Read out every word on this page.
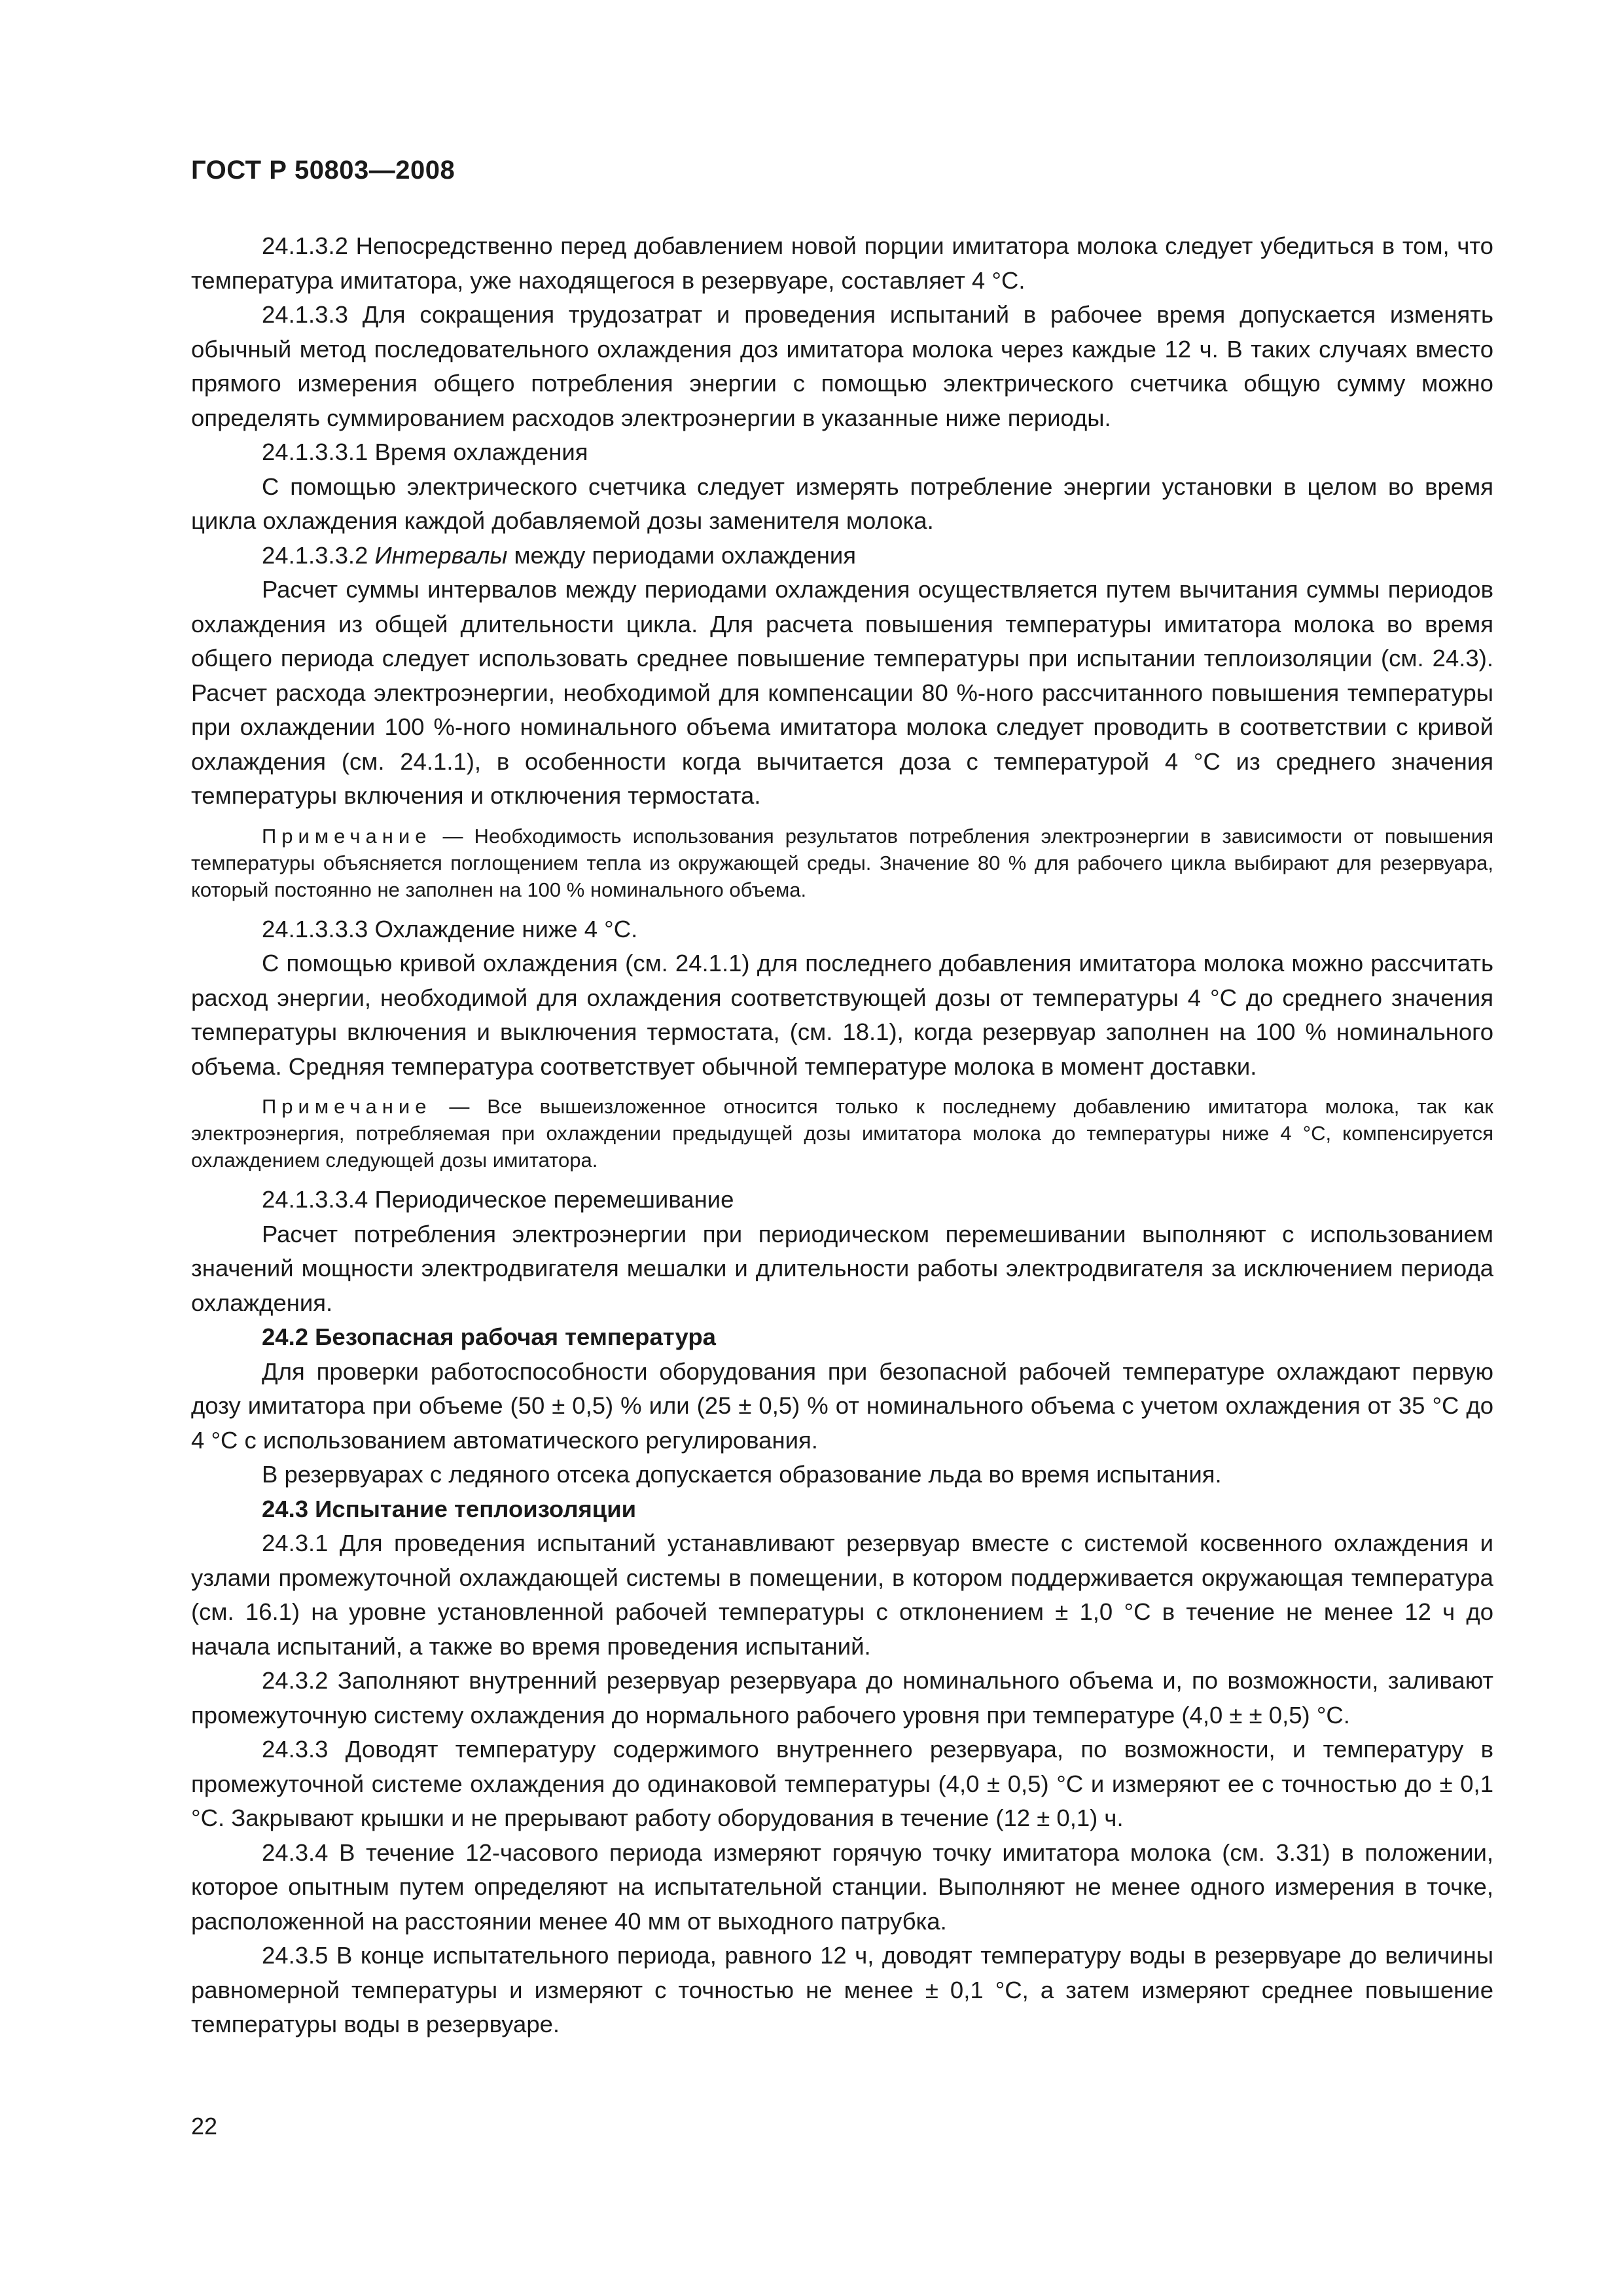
ГОСТ Р 50803—2008

24.1.3.2 Непосредственно перед добавлением новой порции имитатора молока следует убедиться в том, что температура имитатора, уже находящегося в резервуаре, составляет 4 °С.

24.1.3.3 Для сокращения трудозатрат и проведения испытаний в рабочее время допускается изменять обычный метод последовательного охлаждения доз имитатора молока через каждые 12 ч. В таких случаях вместо прямого измерения общего потребления энергии с помощью электрического счетчика общую сумму можно определять суммированием расходов электроэнергии в указанные ниже периоды.

24.1.3.3.1 Время охлаждения

С помощью электрического счетчика следует измерять потребление энергии установки в целом во время цикла охлаждения каждой добавляемой дозы заменителя молока.

24.1.3.3.2 Интервалы между периодами охлаждения

Расчет суммы интервалов между периодами охлаждения осуществляется путем вычитания суммы периодов охлаждения из общей длительности цикла. Для расчета повышения температуры имитатора молока во время общего периода следует использовать среднее повышение температуры при испытании теплоизоляции (см. 24.3). Расчет расхода электроэнергии, необходимой для компенсации 80 %-ного рассчитанного повышения температуры при охлаждении 100 %-ного номинального объема имитатора молока следует проводить в соответствии с кривой охлаждения (см. 24.1.1), в особенности когда вычитается доза с температурой 4 °С из среднего значения температуры включения и отключения термостата.

Примечание — Необходимость использования результатов потребления электроэнергии в зависимости от повышения температуры объясняется поглощением тепла из окружающей среды. Значение 80 % для рабочего цикла выбирают для резервуара, который постоянно не заполнен на 100 % номинального объема.

24.1.3.3.3 Охлаждение ниже 4 °С.

С помощью кривой охлаждения (см. 24.1.1) для последнего добавления имитатора молока можно рассчитать расход энергии, необходимой для охлаждения соответствующей дозы от температуры 4 °С до среднего значения температуры включения и выключения термостата, (см. 18.1), когда резервуар заполнен на 100 % номинального объема. Средняя температура соответствует обычной температуре молока в момент доставки.

Примечание — Все вышеизложенное относится только к последнему добавлению имитатора молока, так как электроэнергия, потребляемая при охлаждении предыдущей дозы имитатора молока до температуры ниже 4 °С, компенсируется охлаждением следующей дозы имитатора.

24.1.3.3.4 Периодическое перемешивание

Расчет потребления электроэнергии при периодическом перемешивании выполняют с использованием значений мощности электродвигателя мешалки и длительности работы электродвигателя за исключением периода охлаждения.

24.2 Безопасная рабочая температура

Для проверки работоспособности оборудования при безопасной рабочей температуре охлаждают первую дозу имитатора при объеме (50 ± 0,5) % или (25 ± 0,5) % от номинального объема с учетом охлаждения от 35 °С до 4 °С с использованием автоматического регулирования.

В резервуарах с ледяного отсека допускается образование льда во время испытания.

24.3 Испытание теплоизоляции

24.3.1 Для проведения испытаний устанавливают резервуар вместе с системой косвенного охлаждения и узлами промежуточной охлаждающей системы в помещении, в котором поддерживается окружающая температура (см. 16.1) на уровне установленной рабочей температуры с отклонением ± 1,0 °С в течение не менее 12 ч до начала испытаний, а также во время проведения испытаний.

24.3.2 Заполняют внутренний резервуар резервуара до номинального объема и, по возможности, заливают промежуточную систему охлаждения до нормального рабочего уровня при температуре (4,0 ± ± 0,5) °С.

24.3.3 Доводят температуру содержимого внутреннего резервуара, по возможности, и температуру в промежуточной системе охлаждения до одинаковой температуры (4,0 ± 0,5) °С и измеряют ее с точностью до ± 0,1 °С. Закрывают крышки и не прерывают работу оборудования в течение (12 ± 0,1) ч.

24.3.4 В течение 12-часового периода измеряют горячую точку имитатора молока (см. 3.31) в положении, которое опытным путем определяют на испытательной станции. Выполняют не менее одного измерения в точке, расположенной на расстоянии менее 40 мм от выходного патрубка.

24.3.5 В конце испытательного периода, равного 12 ч, доводят температуру воды в резервуаре до величины равномерной температуры и измеряют с точностью не менее ± 0,1 °С, а затем измеряют среднее повышение температуры воды в резервуаре.

22
